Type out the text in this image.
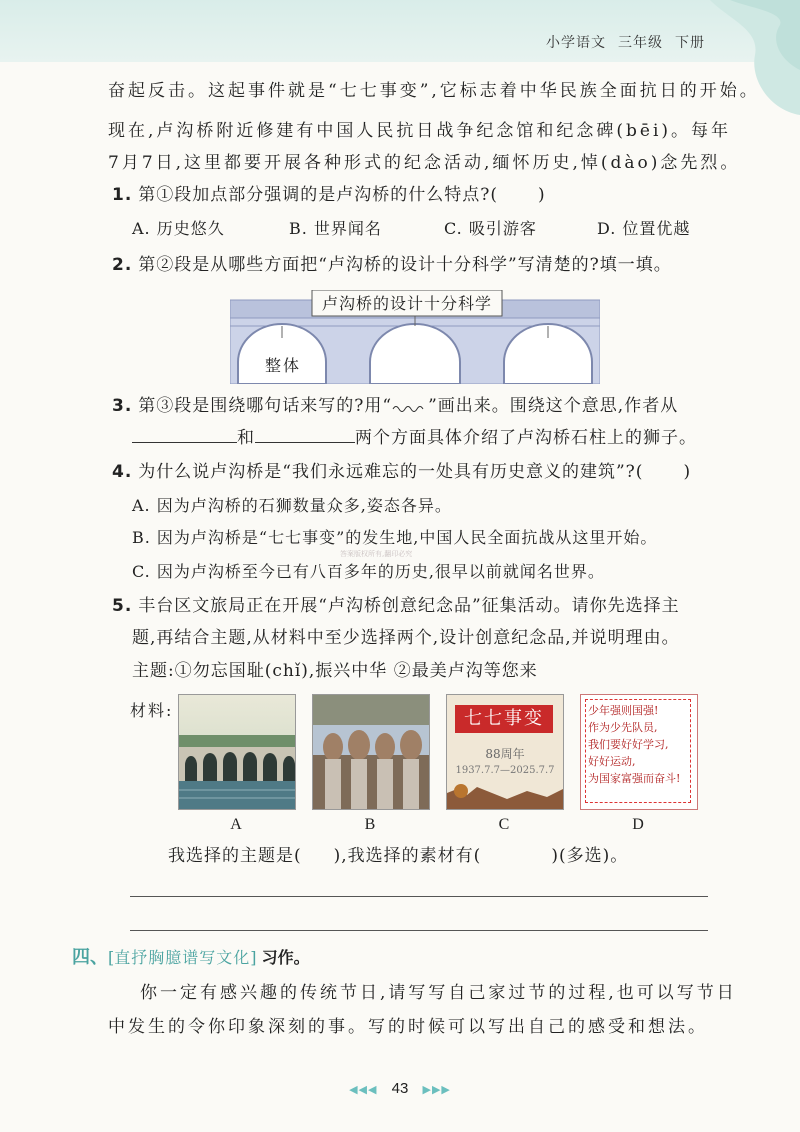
小学语文 三年级 下册
奋起反击。这起事件就是“七七事变”,它标志着中华民族全面抗日的开始。
现在,卢沟桥附近修建有中国人民抗日战争纪念馆和纪念碑(bēi)。每年
7月7日,这里都要开展各种形式的纪念活动,缅怀历史,悼(dào)念先烈。
1. 第①段加点部分强调的是卢沟桥的什么特点?( )
A. 历史悠久	B. 世界闻名	C. 吸引游客	D. 位置优越
2. 第②段是从哪些方面把“卢沟桥的设计十分科学”写清楚的?填一填。
卢沟桥的设计十分科学
整体
3. 第③段是围绕哪句话来写的?用“ ”画出来。围绕这个意思,作者从
和	两个方面具体介绍了卢沟桥石柱上的狮子。
4. 为什么说卢沟桥是“我们永远难忘的一处具有历史意义的建筑”?( )
A. 因为卢沟桥的石狮数量众多,姿态各异。
B. 因为卢沟桥是“七七事变”的发生地,中国人民全面抗战从这里开始。
答案版权所有,翻印必究
C. 因为卢沟桥至今已有八百多年的历史,很早以前就闻名世界。
5. 丰台区文旅局正在开展“卢沟桥创意纪念品”征集活动。请你先选择主
题,再结合主题,从材料中至少选择两个,设计创意纪念品,并说明理由。
主题:①勿忘国耻(chǐ),振兴中华 ②最美卢沟等您来
材料:	七七事变
88周年
1937.7.7—2025.7.7
少年强则国强!
作为少先队员,
我们要好好学习,
好好运动,
为国家富强而奋斗!
A	B	C	D
我选择的主题是( ),我选择的素材有(	)(多选)。
四、[直抒胸臆谱写文化] 习作。
你一定有感兴趣的传统节日,请写写自己家过节的过程,也可以写节日
中发生的令你印象深刻的事。写的时候可以写出自己的感受和想法。
◀◀◀ 43 ▶▶▶
